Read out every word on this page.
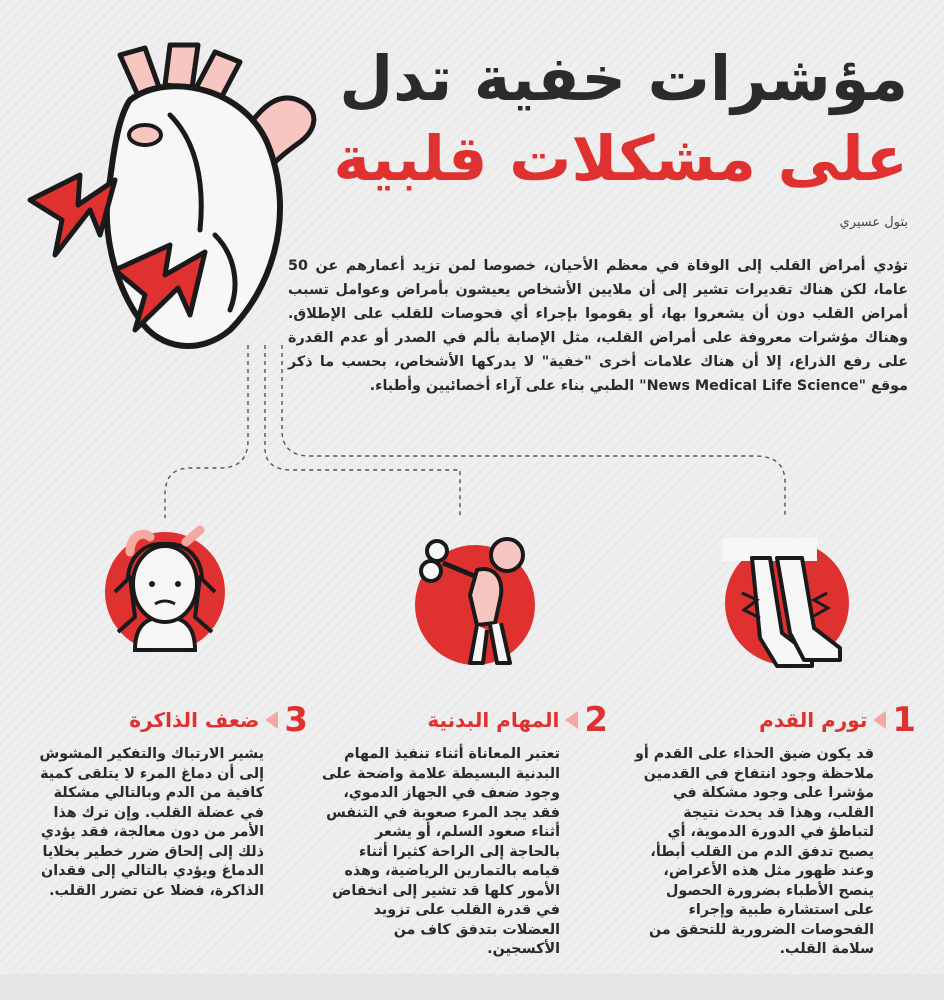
مؤشرات خفية تدل
على مشكلات قلبية
بتول عسيري

تؤدي أمراض القلب إلى الوفاة في معظم الأحيان، خصوصا لمن تزيد أعمارهم عن 50 عاما، لكن هناك تقديرات تشير إلى أن ملايين الأشخاص يعيشون بأمراض وعوامل تسبب أمراض القلب دون أن يشعروا بها، أو يقوموا بإجراء أي فحوصات للقلب على الإطلاق. وهناك مؤشرات معروفة على أمراض القلب، مثل الإصابة بألم في الصدر أو عدم القدرة على رفع الذراع، إلا أن هناك علامات أخرى "خفية" لا يدركها الأشخاص، بحسب ما ذكر موقع "News Medical Life Science" الطبي بناء على آراء أخصائيين وأطباء.

1
تورم القدم
قد يكون ضيق الحذاء على القدم أو ملاحظة وجود انتفاخ في القدمين مؤشرا على وجود مشكلة في القلب، وهذا قد يحدث نتيجة لتباطؤ في الدورة الدموية، أي يصبح تدفق الدم من القلب أبطأ، وعند ظهور مثل هذه الأعراض، ينصح الأطباء بضرورة الحصول على استشارة طبية وإجراء الفحوصات الضرورية للتحقق من سلامة القلب.
2
المهام البدنية
تعتبر المعاناة أثناء تنفيذ المهام البدنية البسيطة علامة واضحة على وجود ضعف في الجهاز الدموي، فقد يجد المرء صعوبة في التنفس أثناء صعود السلم، أو يشعر بالحاجة إلى الراحة كثيرا أثناء قيامه بالتمارين الرياضية، وهذه الأمور كلها قد تشير إلى انخفاض في قدرة القلب على تزويد العضلات بتدفق كاف من الأكسجين.
3
ضعف الذاكرة
يشير الارتباك والتفكير المشوش إلى أن دماغ المرء لا يتلقى كمية كافية من الدم وبالتالي مشكلة في عضلة القلب. وإن ترك هذا الأمر من دون معالجة، فقد يؤدي ذلك إلى إلحاق ضرر خطير بخلايا الدماغ ويؤدي بالتالي إلى فقدان الذاكرة، فضلا عن تضرر القلب.
